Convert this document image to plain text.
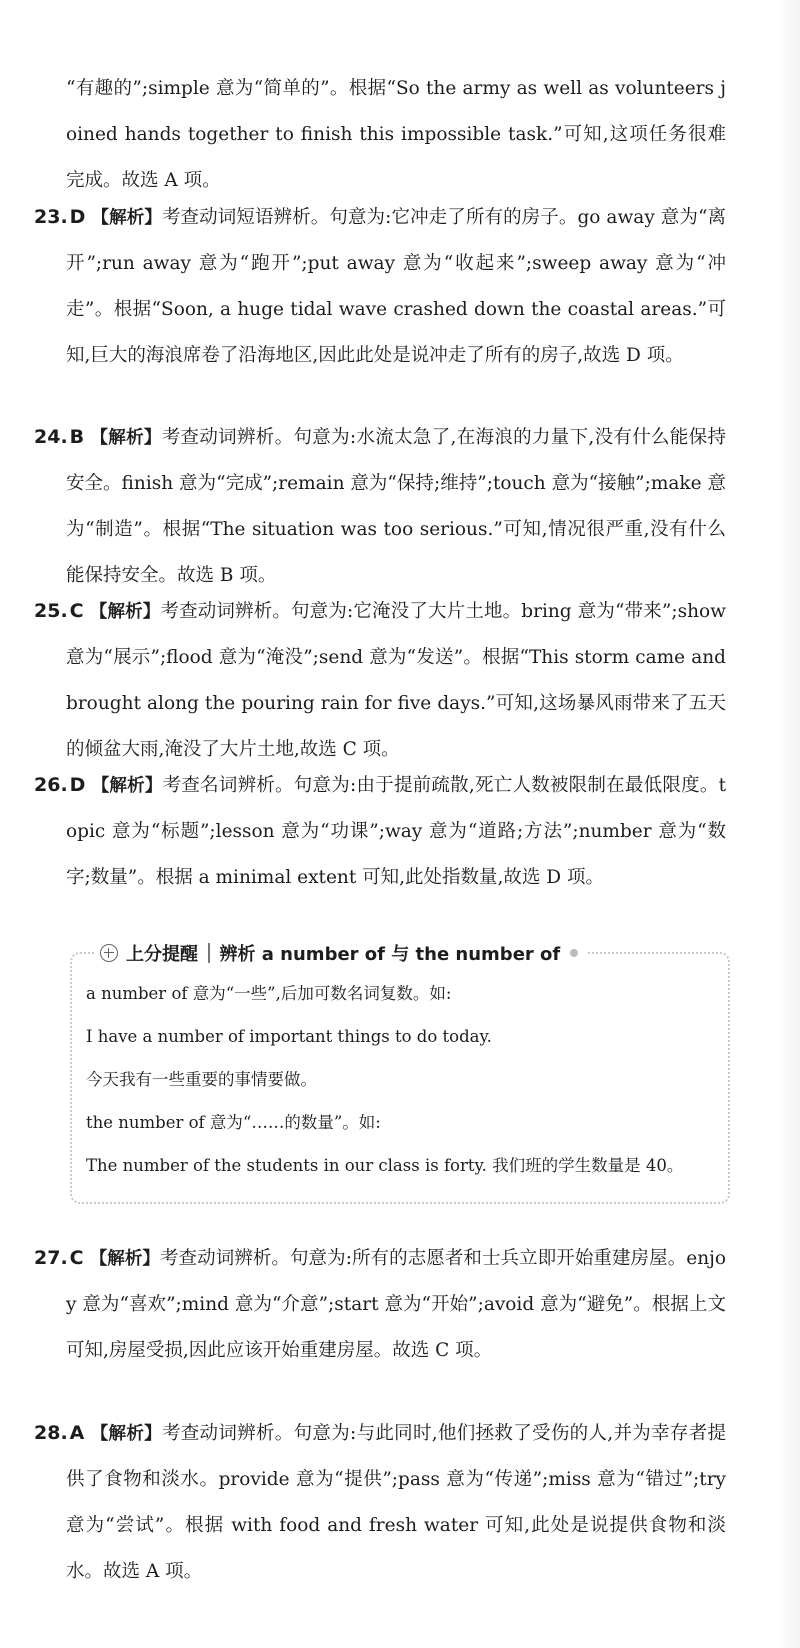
“有趣的”;simple 意为“简单的”。根据“So the army as well as volunteers joined hands together to finish this impossible task.”可知,这项任务很难完成。故选 A 项。
23. D 【解析】考查动词短语辨析。句意为:它冲走了所有的房子。go away 意为“离开”;run away 意为“跑开”;put away 意为“收起来”;sweep away 意为“冲走”。根据“Soon, a huge tidal wave crashed down the coastal areas.”可知,巨大的海浪席卷了沿海地区,因此此处是说冲走了所有的房子,故选 D 项。
24. B 【解析】考查动词辨析。句意为:水流太急了,在海浪的力量下,没有什么能保持安全。finish 意为“完成”;remain 意为“保持;维持”;touch 意为“接触”;make 意为“制造”。根据“The situation was too serious.”可知,情况很严重,没有什么能保持安全。故选 B 项。
25. C 【解析】考查动词辨析。句意为:它淹没了大片土地。bring 意为“带来”;show 意为“展示”;flood 意为“淹没”;send 意为“发送”。根据“This storm came and brought along the pouring rain for five days.”可知,这场暴风雨带来了五天的倾盆大雨,淹没了大片土地,故选 C 项。
26. D 【解析】考查名词辨析。句意为:由于提前疏散,死亡人数被限制在最低限度。topic 意为“标题”;lesson 意为“功课”;way 意为“道路;方法”;number 意为“数字;数量”。根据 a minimal extent 可知,此处指数量,故选 D 项。
上分提醒 辨析 a number of 与 the number of
a number of 意为“一些”,后加可数名词复数。如:
I have a number of important things to do today.
今天我有一些重要的事情要做。
the number of 意为“……的数量”。如:
The number of the students in our class is forty. 我们班的学生数量是 40。
27. C 【解析】考查动词辨析。句意为:所有的志愿者和士兵立即开始重建房屋。enjoy 意为“喜欢”;mind 意为“介意”;start 意为“开始”;avoid 意为“避免”。根据上文可知,房屋受损,因此应该开始重建房屋。故选 C 项。
28. A 【解析】考查动词辨析。句意为:与此同时,他们拯救了受伤的人,并为幸存者提供了食物和淡水。provide 意为“提供”;pass 意为“传递”;miss 意为“错过”;try 意为“尝试”。根据 with food and fresh water 可知,此处是说提供食物和淡水。故选 A 项。
